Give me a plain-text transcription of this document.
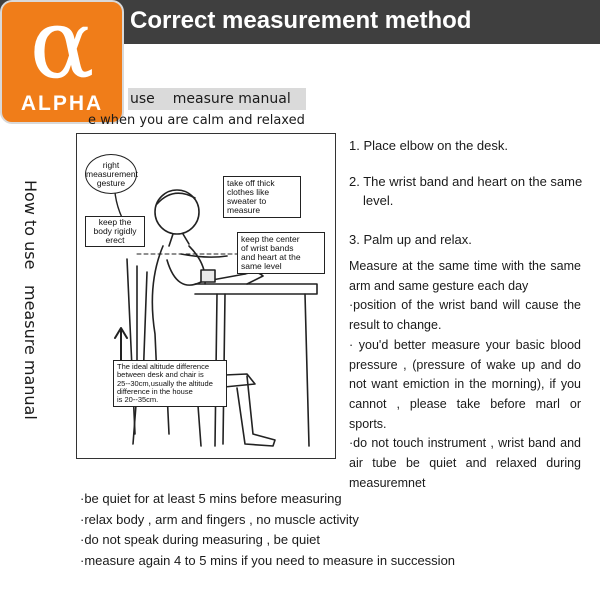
Correct measurement method
α
ALPHA	use measure manual
e when you are calm and relaxed
How to usemeasure manual
right
measurement
gesture
keep the
body rigidly
erect
take off thick
clothes like
sweater to
measure
keep the center
of wrist bands
and heart at the
same level
The ideal altitude difference
between desk and chair is
25--30cm,usually the altitude
difference in the house
is 20--35cm.
1. Place elbow on the desk.
2. The wrist band and heart on the same level.
3. Palm up and relax.
Measure at the same time with the same arm and same gesture each day
·position of the wrist band will cause the result to change.
· you'd better measure your basic blood pressure , (pressure of wake up and do not want emiction in the morning), if you cannot , please take before marl or sports.
·do not touch instrument , wrist band and air tube be quiet and relaxed during measuremnet
·be quiet for at least 5 mins before measuring
·relax body , arm and fingers , no muscle activity
·do not speak during measuring , be quiet
·measure again 4 to 5 mins if you need to measure in succession
